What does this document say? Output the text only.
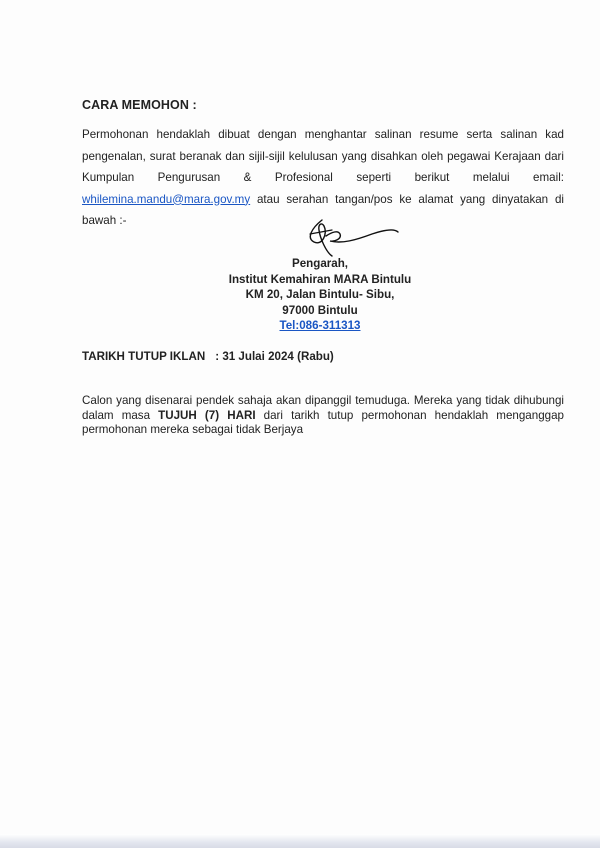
CARA MEMOHON :
Permohonan hendaklah dibuat dengan menghantar salinan resume serta salinan kad pengenalan, surat beranak dan sijil-sijil kelulusan yang disahkan oleh pegawai Kerajaan dari Kumpulan Pengurusan & Profesional seperti berikut melalui email: whilemina.mandu@mara.gov.my atau serahan tangan/pos ke alamat yang dinyatakan di bawah :-
Pengarah,
Institut Kemahiran MARA Bintulu
KM 20, Jalan Bintulu- Sibu,
97000 Bintulu
Tel:086-311313
TARIKH TUTUP IKLAN : 31 Julai 2024 (Rabu)
Calon yang disenarai pendek sahaja akan dipanggil temuduga. Mereka yang tidak dihubungi dalam masa TUJUH (7) HARI dari tarikh tutup permohonan hendaklah menganggap permohonan mereka sebagai tidak Berjaya
